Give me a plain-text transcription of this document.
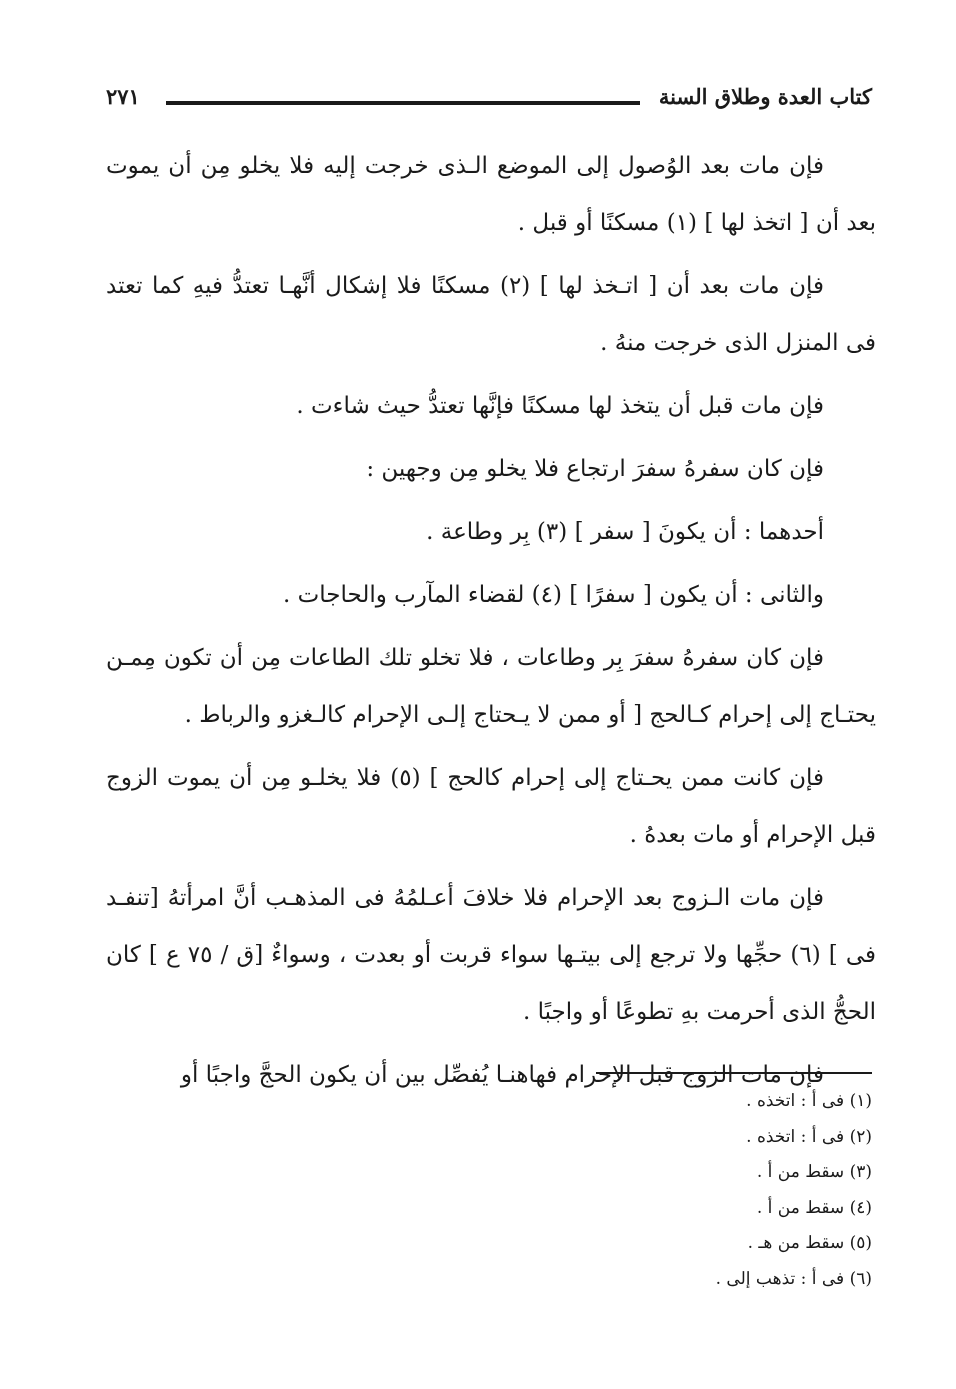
كتاب العدة وطلاق السنة
٢٧١

فإن مات بعد الوُصول إلى الموضع الـذى خرجت إليه فلا يخلو مِن أن يموت بعد أن [ اتخذ لها ] (١) مسكنًا أو قبل .

فإن مات بعد أن [ اتـخذ لها ] (٢) مسكنًا فلا إشكال أنَّهـا تعتدُّ فيهِ كما تعتد فى المنزل الذى خرجت منهُ .

فإن مات قبل أن يتخذ لها مسكنًا فإنَّها تعتدُّ حيث شاءت .

فإن كان سفرهُ سفرَ ارتجاع فلا يخلو مِن وجهين :

أحدهما : أن يكونَ [ سفر ] (٣) بِر وطاعة .

والثانى : أن يكون [ سفرًا ] (٤) لقضاء المآرب والحاجات .

فإن كان سفرهُ سفرَ بِر وطاعات ، فلا تخلو تلك الطاعات مِن أن تكون مِمـن يحتـاج إلى إحرام كـالحج [ أو ممن لا يـحتاج إلـى الإحرام كالـغزو والرباط .

فإن كانت ممن يحـتاج إلى إحرام كالحج ] (٥) فلا يخلـو مِن أن يموت الزوج قبل الإحرام أو مات بعدهُ .

فإن مات الـزوج بعد الإحرام فلا خلافَ أعـلمُهُ فى المذهـب أنَّ امرأتهُ [تنفـد فى ] (٦) حجِّها ولا ترجع إلى بيتـها سواء قربت أو بعدت ، وسواءٌ [ق / ٧٥ ع ] كان الحجُّ الذى أحرمت بهِ تطوعًا أو واجبًا .

فإن مات الزوج قبل الإحرام فهاهنـا يُفصِّل بين أن يكون الحجَّ واجبًا أو

(١) فى أ : اتخذه .
(٢) فى أ : اتخذه .
(٣) سقط من أ .
(٤) سقط من أ .
(٥) سقط من هـ .
(٦) فى أ : تذهب إلى .
